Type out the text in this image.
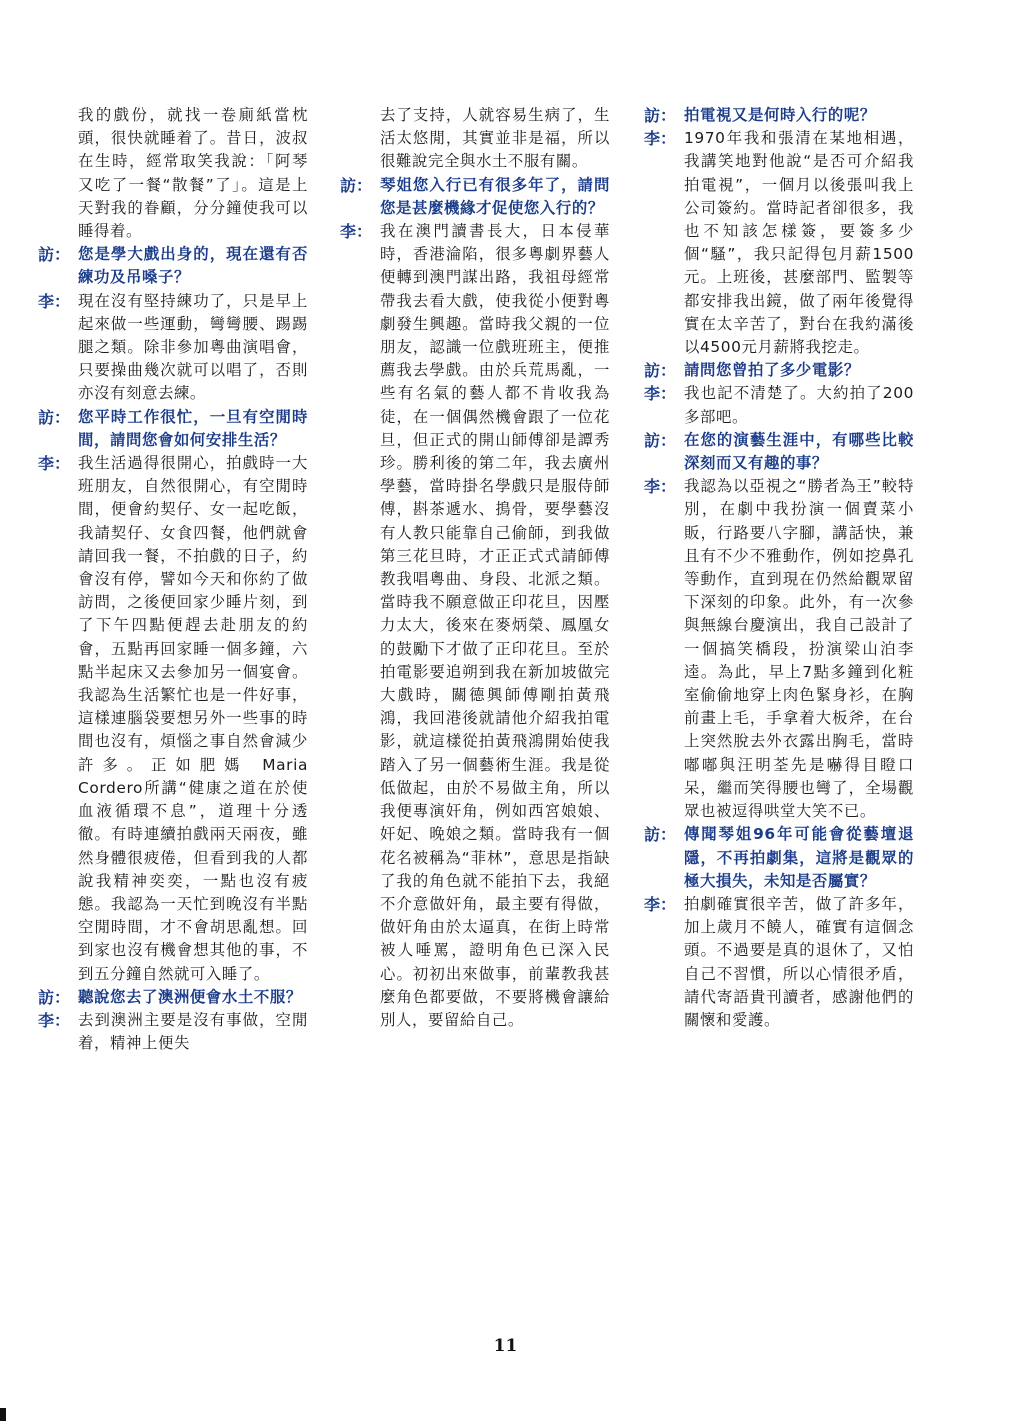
我的戲份，就找一卷廁紙當枕頭，很快就睡着了。昔日，波叔在生時，經常取笑我說：「阿琴又吃了一餐“散餐”了」。這是上天對我的眷顧，分分鐘使我可以睡得着。
訪： 您是學大戲出身的，現在還有否練功及吊嗓子？
李： 現在沒有堅持練功了，只是早上起來做一些運動，彎彎腰、踢踢腿之類。除非參加粵曲演唱會，只要操曲幾次就可以唱了，否則亦沒有刻意去練。
訪： 您平時工作很忙，一旦有空閒時間，請問您會如何安排生活？
李： 我生活過得很開心，拍戲時一大班朋友，自然很開心，有空閒時間，便會約契仔、女一起吃飯，我請契仔、女食四餐，他們就會請回我一餐，不拍戲的日子，約會沒有停，譬如今天和你約了做訪問，之後便回家少睡片刻，到了下午四點便趕去赴朋友的約會，五點再回家睡一個多鐘，六點半起床又去參加另一個宴會。我認為生活繁忙也是一件好事，這樣連腦袋要想另外一些事的時間也沒有，煩惱之事自然會減少許多。正如肥媽 Maria Cordero所講“健康之道在於使血液循環不息”，道理十分透徹。有時連續拍戲兩天兩夜，雖然身體很疲倦，但看到我的人都說我精神奕奕，一點也沒有疲態。我認為一天忙到晚沒有半點空閒時間，才不會胡思亂想。回到家也沒有機會想其他的事，不到五分鐘自然就可入睡了。
訪： 聽說您去了澳洲便會水土不服？
李： 去到澳洲主要是沒有事做，空閒着，精神上便失
去了支持，人就容易生病了，生活太悠閒，其實並非是福，所以很難說完全與水土不服有關。
訪： 琴姐您入行已有很多年了，請問您是甚麼機緣才促使您入行的？
李： 我在澳門讀書長大，日本侵華時，香港淪陷，很多粵劇界藝人便轉到澳門謀出路，我祖母經常帶我去看大戲，使我從小便對粵劇發生興趣。當時我父親的一位朋友，認識一位戲班班主，便推薦我去學戲。由於兵荒馬亂，一些有名氣的藝人都不肯收我為徒，在一個偶然機會跟了一位花旦，但正式的開山師傅卻是譚秀珍。勝利後的第二年，我去廣州學藝，當時掛名學戲只是服侍師傅，斟茶遞水、㨶骨，要學藝沒有人教只能靠自己偷師，到我做第三花旦時，才正正式式請師傅教我唱粵曲、身段、北派之類。當時我不願意做正印花旦，因壓力太大，後來在麥炳榮、鳳凰女的鼓勵下才做了正印花旦。至於拍電影要追朔到我在新加坡做完大戲時，關德興師傅剛拍黃飛鴻，我回港後就請他介紹我拍電影，就這樣從拍黃飛鴻開始使我踏入了另一個藝術生涯。我是從低做起，由於不易做主角，所以我便專演奸角，例如西宮娘娘、奸妃、晚娘之類。當時我有一個花名被稱為“菲林”，意思是指缺了我的角色就不能拍下去，我絕不介意做奸角，最主要有得做，做奸角由於太逼真，在街上時常被人唾罵，證明角色已深入民心。初初出來做事，前輩教我甚麼角色都要做，不要將機會讓給別人，要留給自己。
訪： 拍電視又是何時入行的呢？
李： 1970年我和張清在某地相遇，我講笑地對他說“是否可介紹我拍電視”，一個月以後張叫我上公司簽約。當時記者卻很多，我也不知該怎樣簽，要簽多少個“騷”，我只記得包月薪1500元。上班後，甚麼部門、監製等都安排我出鏡，做了兩年後覺得實在太辛苦了，對台在我約滿後以4500元月薪將我挖走。
訪： 請問您曾拍了多少電影？
李： 我也記不清楚了。大約拍了200多部吧。
訪： 在您的演藝生涯中，有哪些比較深刻而又有趣的事？
李： 我認為以亞視之“勝者為王”較特別，在劇中我扮演一個賣菜小販，行路要八字腳，講話快，兼且有不少不雅動作，例如挖鼻孔等動作，直到現在仍然給觀眾留下深刻的印象。此外，有一次參與無線台慶演出，我自己設計了一個搞笑橋段，扮演梁山泊李逵。為此，早上7點多鐘到化粧室偷偷地穿上肉色緊身衫，在胸前畫上毛，手拿着大板斧，在台上突然脫去外衣露出胸毛，當時嘟嘟與汪明荃先是嚇得目瞪口呆，繼而笑得腰也彎了，全場觀眾也被逗得哄堂大笑不已。
訪： 傳聞琴姐96年可能會從藝壇退隱，不再拍劇集，這將是觀眾的極大損失，未知是否屬實？
李： 拍劇確實很辛苦，做了許多年，加上歲月不饒人，確實有這個念頭。不過要是真的退休了，又怕自己不習慣，所以心情很矛盾，請代寄語貴刊讀者，感謝他們的關懷和愛護。
11
